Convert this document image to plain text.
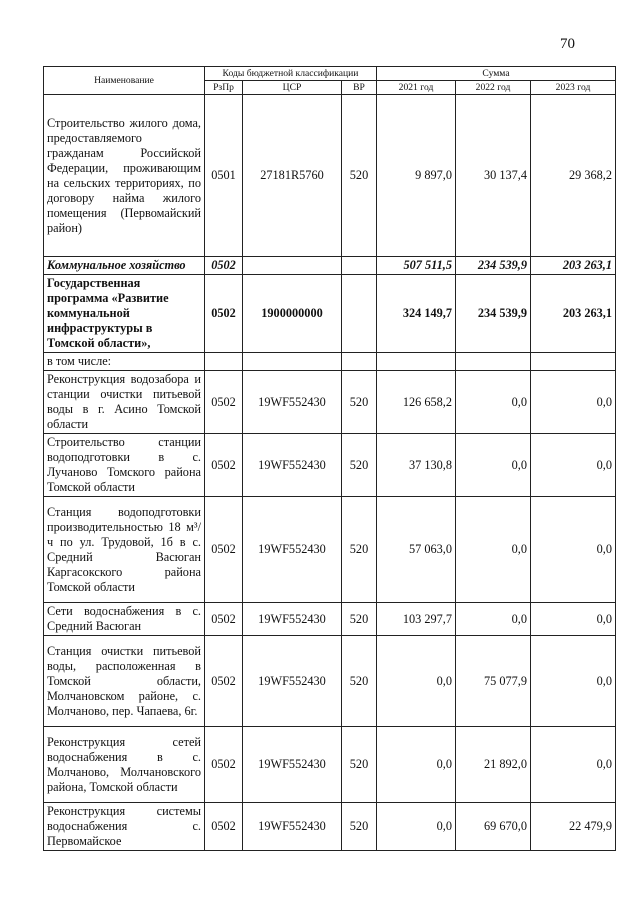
70
Наименование	Коды бюджетной классификации			Сумма		
	РзПр	ЦСР	ВР	2021 год	2022 год	2023 год
Строительство жилого дома, предоставляемого гражданам Российской Федерации, проживающим на сельских территориях, по договору найма жилого помещения (Первомайский район)	0501	27181R5760	520	9 897,0	30 137,4	29 368,2
Коммунальное хозяйство	0502			507 511,5	234 539,9	203 263,1
Государственная программа «Развитие коммунальной инфраструктуры в Томской области»,	0502	1900000000		324 149,7	234 539,9	203 263,1
в том числе:						
Реконструкция водозабора и станции очистки питьевой воды в г. Асино Томской области	0502	19WF552430	520	126 658,2	0,0	0,0
Строительство станции водоподготовки в с. Лучаново Томского района Томской области	0502	19WF552430	520	37 130,8	0,0	0,0
Станция водоподготовки производительностью 18 м³/ч по ул. Трудовой, 1б в с. Средний Васюган Каргасокского района Томской области	0502	19WF552430	520	57 063,0	0,0	0,0
Сети водоснабжения в с. Средний Васюган	0502	19WF552430	520	103 297,7	0,0	0,0
Станция очистки питьевой воды, расположенная в Томской области, Молчановском районе, с. Молчаново, пер. Чапаева, 6г.	0502	19WF552430	520	0,0	75 077,9	0,0
Реконструкция сетей водоснабжения в с. Молчаново, Молчановского района, Томской области	0502	19WF552430	520	0,0	21 892,0	0,0
Реконструкция системы водоснабжения с. Первомайское	0502	19WF552430	520	0,0	69 670,0	22 479,9
